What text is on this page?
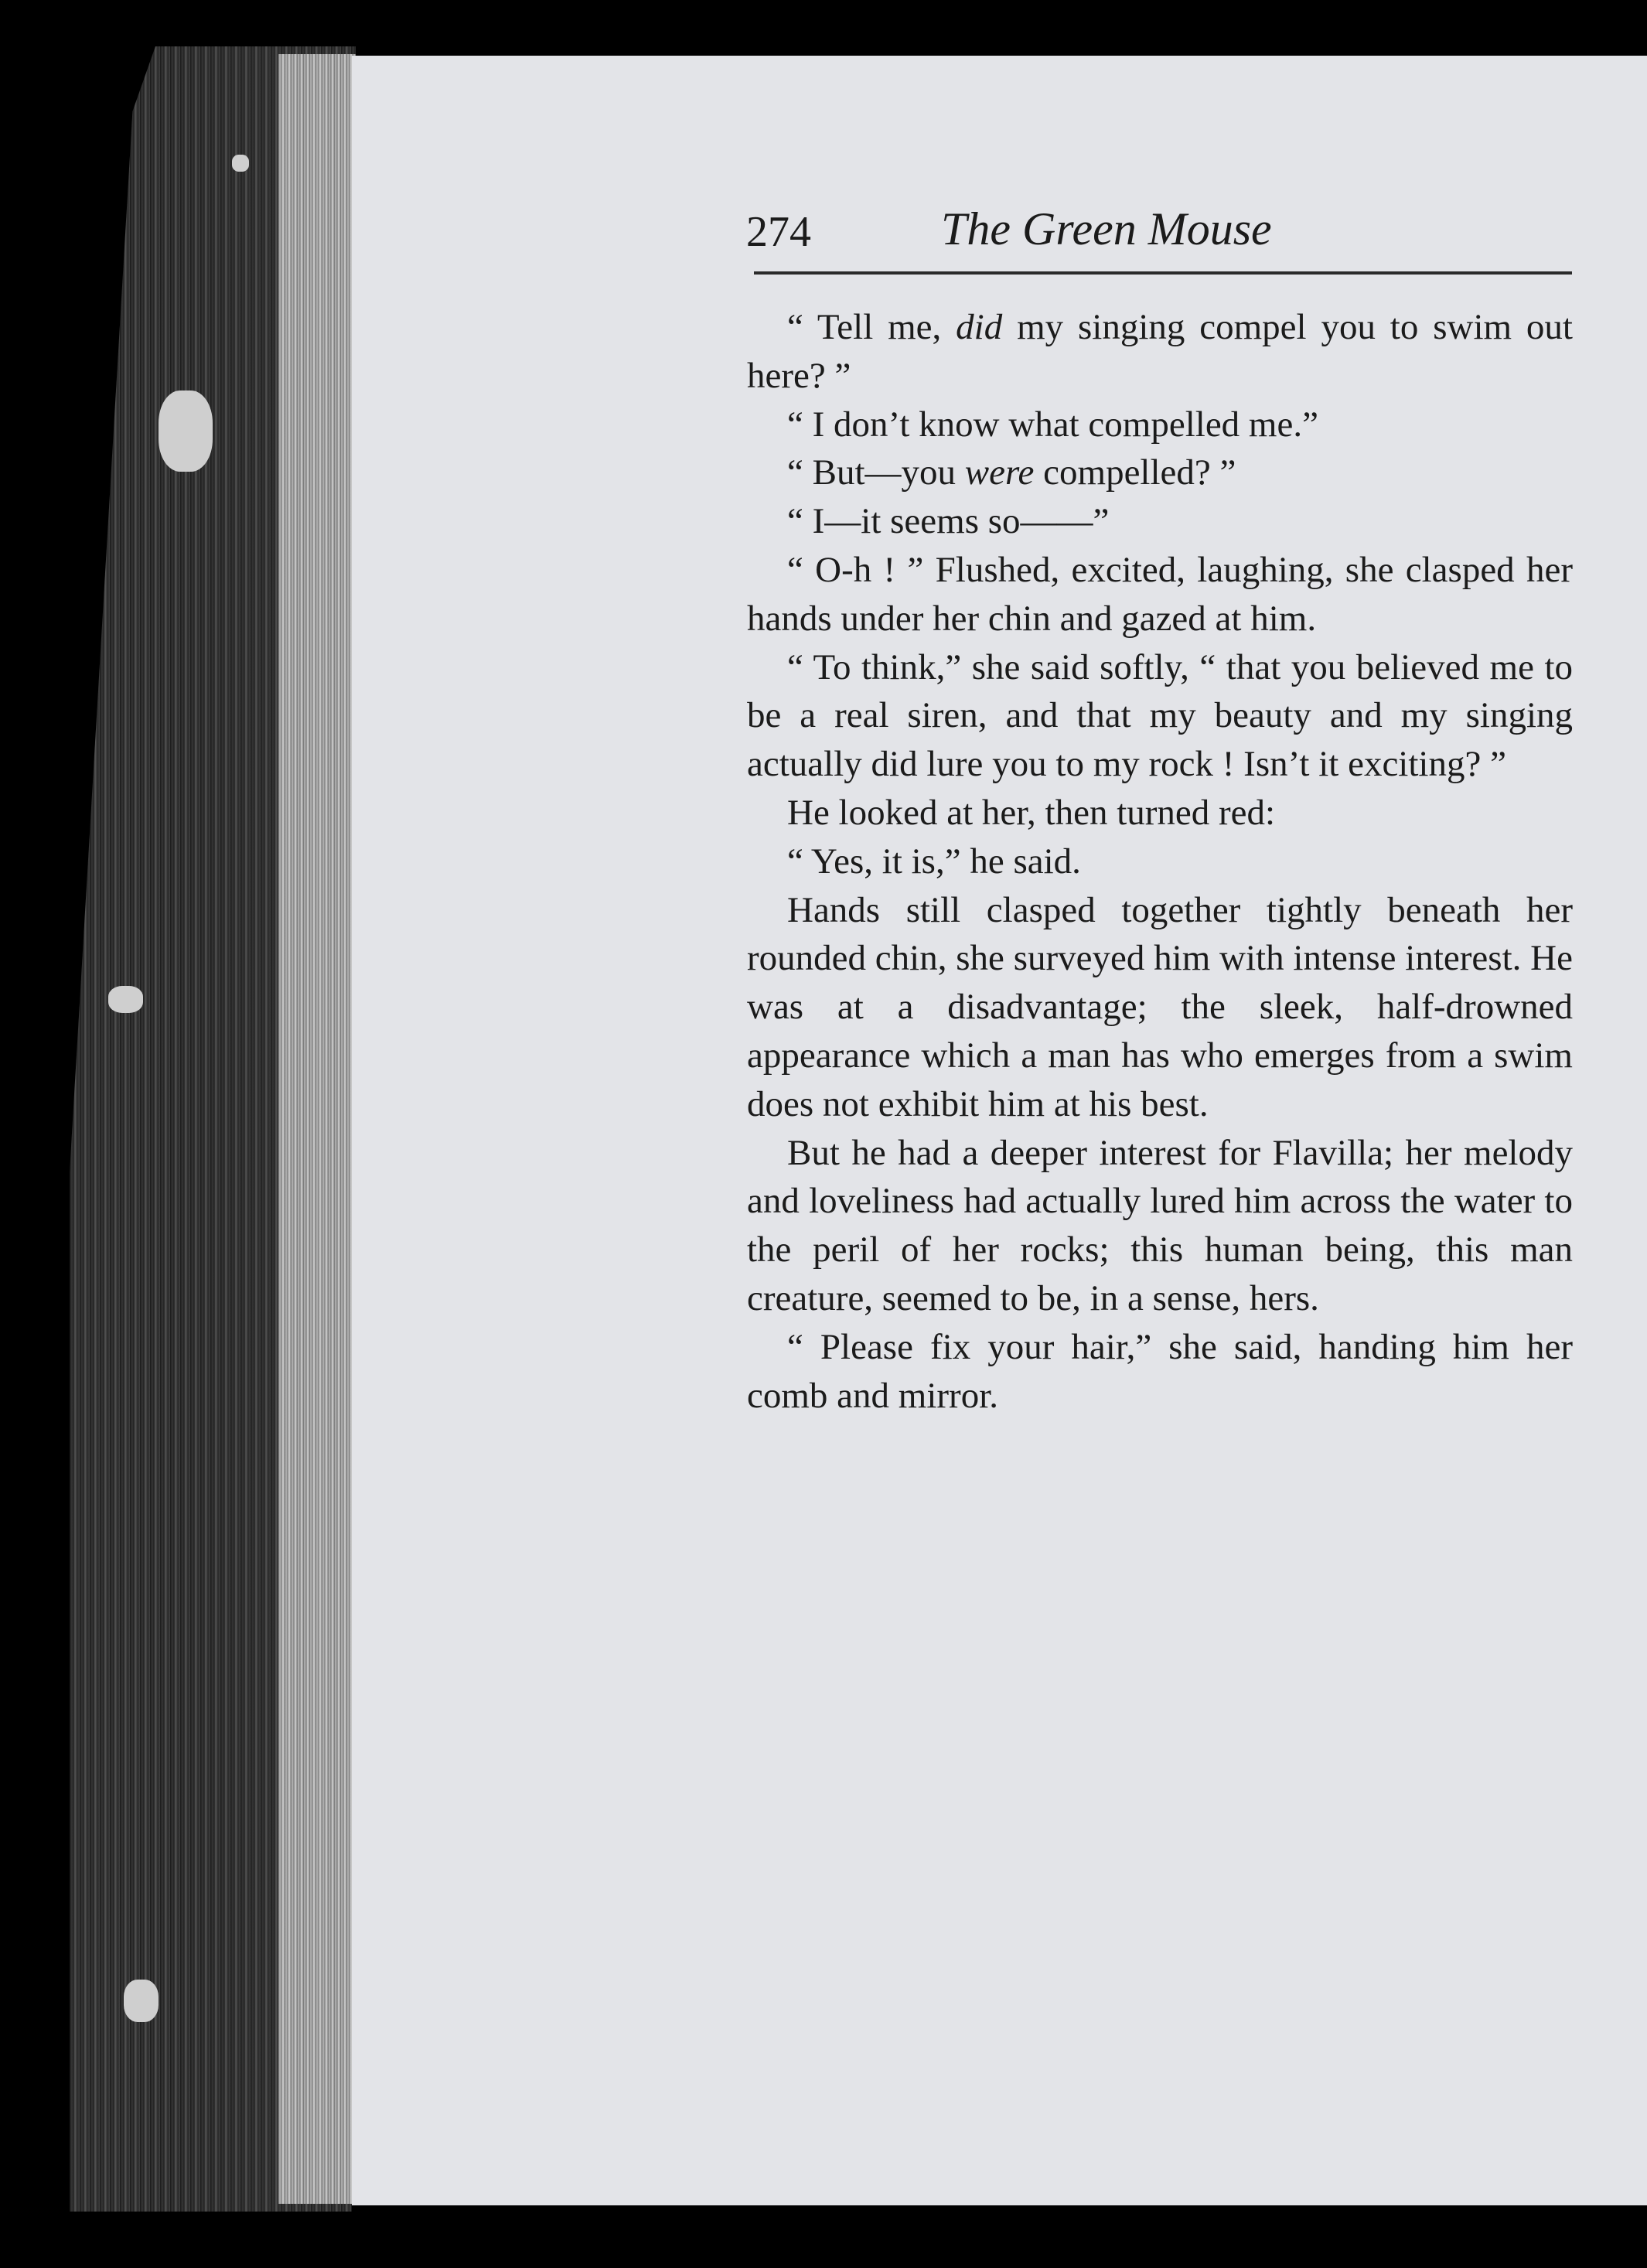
274	The Green Mouse

“ Tell me, did my singing compel you to swim out here? ”

“ I don’t know what compelled me.”

“ But—you were compelled? ”

“ I—it seems so——”

“ O-h ! ” Flushed, excited, laughing, she clasped her hands under her chin and gazed at him.

“ To think,” she said softly, “ that you believed me to be a real siren, and that my beauty and my singing actually did lure you to my rock ! Isn’t it exciting? ”

He looked at her, then turned red:

“ Yes, it is,” he said.

Hands still clasped together tightly beneath her rounded chin, she surveyed him with intense interest. He was at a disadvantage; the sleek, half-drowned appearance which a man has who emerges from a swim does not exhibit him at his best.

But he had a deeper interest for Flavilla; her melody and loveliness had actually lured him across the water to the peril of her rocks; this human being, this man creature, seemed to be, in a sense, hers.

“ Please fix your hair,” she said, handing him her comb and mirror.
